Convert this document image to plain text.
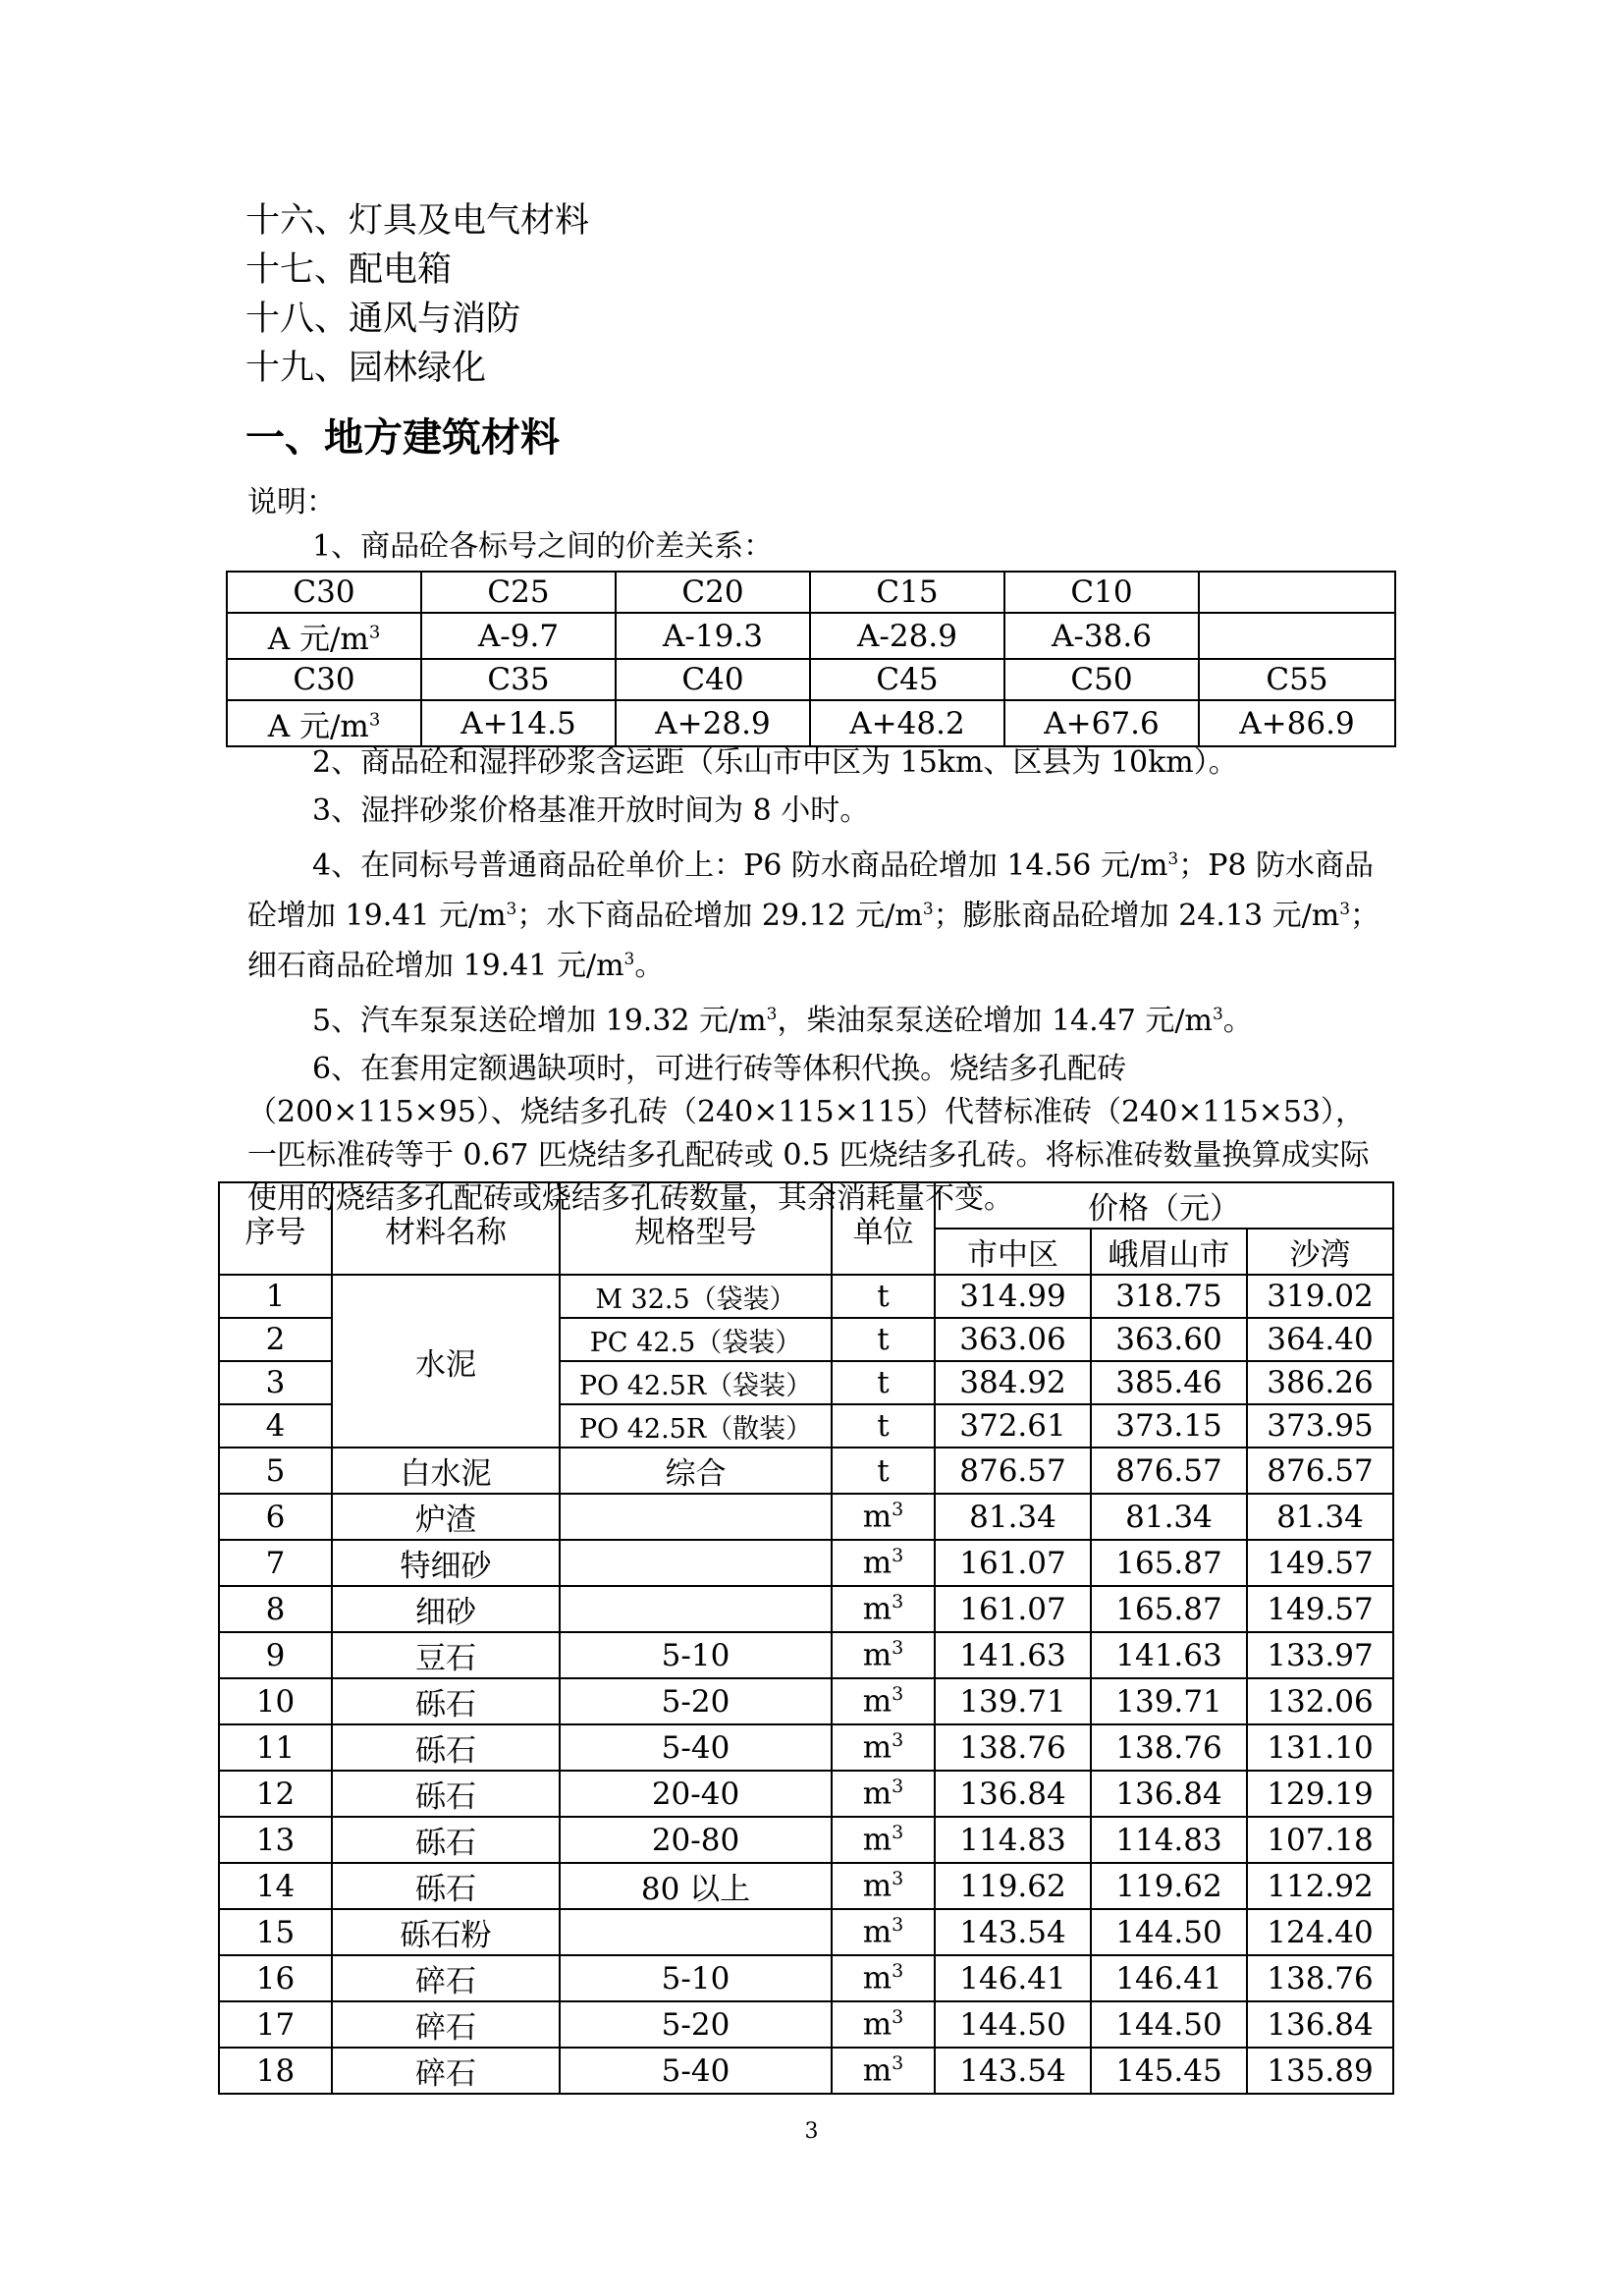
十六、灯具及电气材料
十七、配电箱
十八、通风与消防
十九、园林绿化
一、地方建筑材料
说明：
1、商品砼各标号之间的价差关系：
C30	C25	C20	C15	C10	
A 元$/m^3$	A-9.7	A-19.3	A-28.9	A-38.6	
C30	C35	C40	C45	C50	C55
A 元$/m^3$	A+14.5	A+28.9	A+48.2	A+67.6	A+86.9

2、商品砼和湿拌砂浆含运距（乐山市中区为 15km、区县为 10km）。

3、湿拌砂浆价格基准开放时间为 8 小时。

4、在同标号普通商品砼单价上：P6 防水商品砼增加 14.56 元$/m^3$；P8 防水商品砼增加 19.41 元$/m^3$；水下商品砼增加 29.12 元$/m^3$；膨胀商品砼增加 24.13 元$/m^3$；细石商品砼增加 19.41 元$/m^3$。

5、汽车泵泵送砼增加 19.32 元$/m^3$，柴油泵泵送砼增加 14.47 元$/m^3$。

6、在套用定额遇缺项时，可进行砖等体积代换。烧结多孔配砖（200×115×95）、烧结多孔砖（240×115×115）代替标准砖（240×115×53），一匹标准砖等于 0.67 匹烧结多孔配砖或 0.5 匹烧结多孔砖。将标准砖数量换算成实际使用的烧结多孔配砖或烧结多孔砖数量，其余消耗量不变。

序号	材料名称	规格型号	单位	价格（元）		
				市中区	峨眉山市	沙湾
1	水泥	M 32.5（袋装）	t	314.99	318.75	319.02
2		PC 42.5（袋装）	t	363.06	363.60	364.40
3		PO 42.5R（袋装）	t	384.92	385.46	386.26
4		PO 42.5R（散装）	t	372.61	373.15	373.95
5	白水泥	综合	t	876.57	876.57	876.57
6	炉渣		$m^3$	81.34	81.34	81.34
7	特细砂		$m^3$	161.07	165.87	149.57
8	细砂		$m^3$	161.07	165.87	149.57
9	豆石	5-10	$m^3$	141.63	141.63	133.97
10	砾石	5-20	$m^3$	139.71	139.71	132.06
11	砾石	5-40	$m^3$	138.76	138.76	131.10
12	砾石	20-40	$m^3$	136.84	136.84	129.19
13	砾石	20-80	$m^3$	114.83	114.83	107.18
14	砾石	80 以上	$m^3$	119.62	119.62	112.92
15	砾石粉		$m^3$	143.54	144.50	124.40
16	碎石	5-10	$m^3$	146.41	146.41	138.76
17	碎石	5-20	$m^3$	144.50	144.50	136.84
18	碎石	5-40	$m^3$	143.54	145.45	135.89
3
